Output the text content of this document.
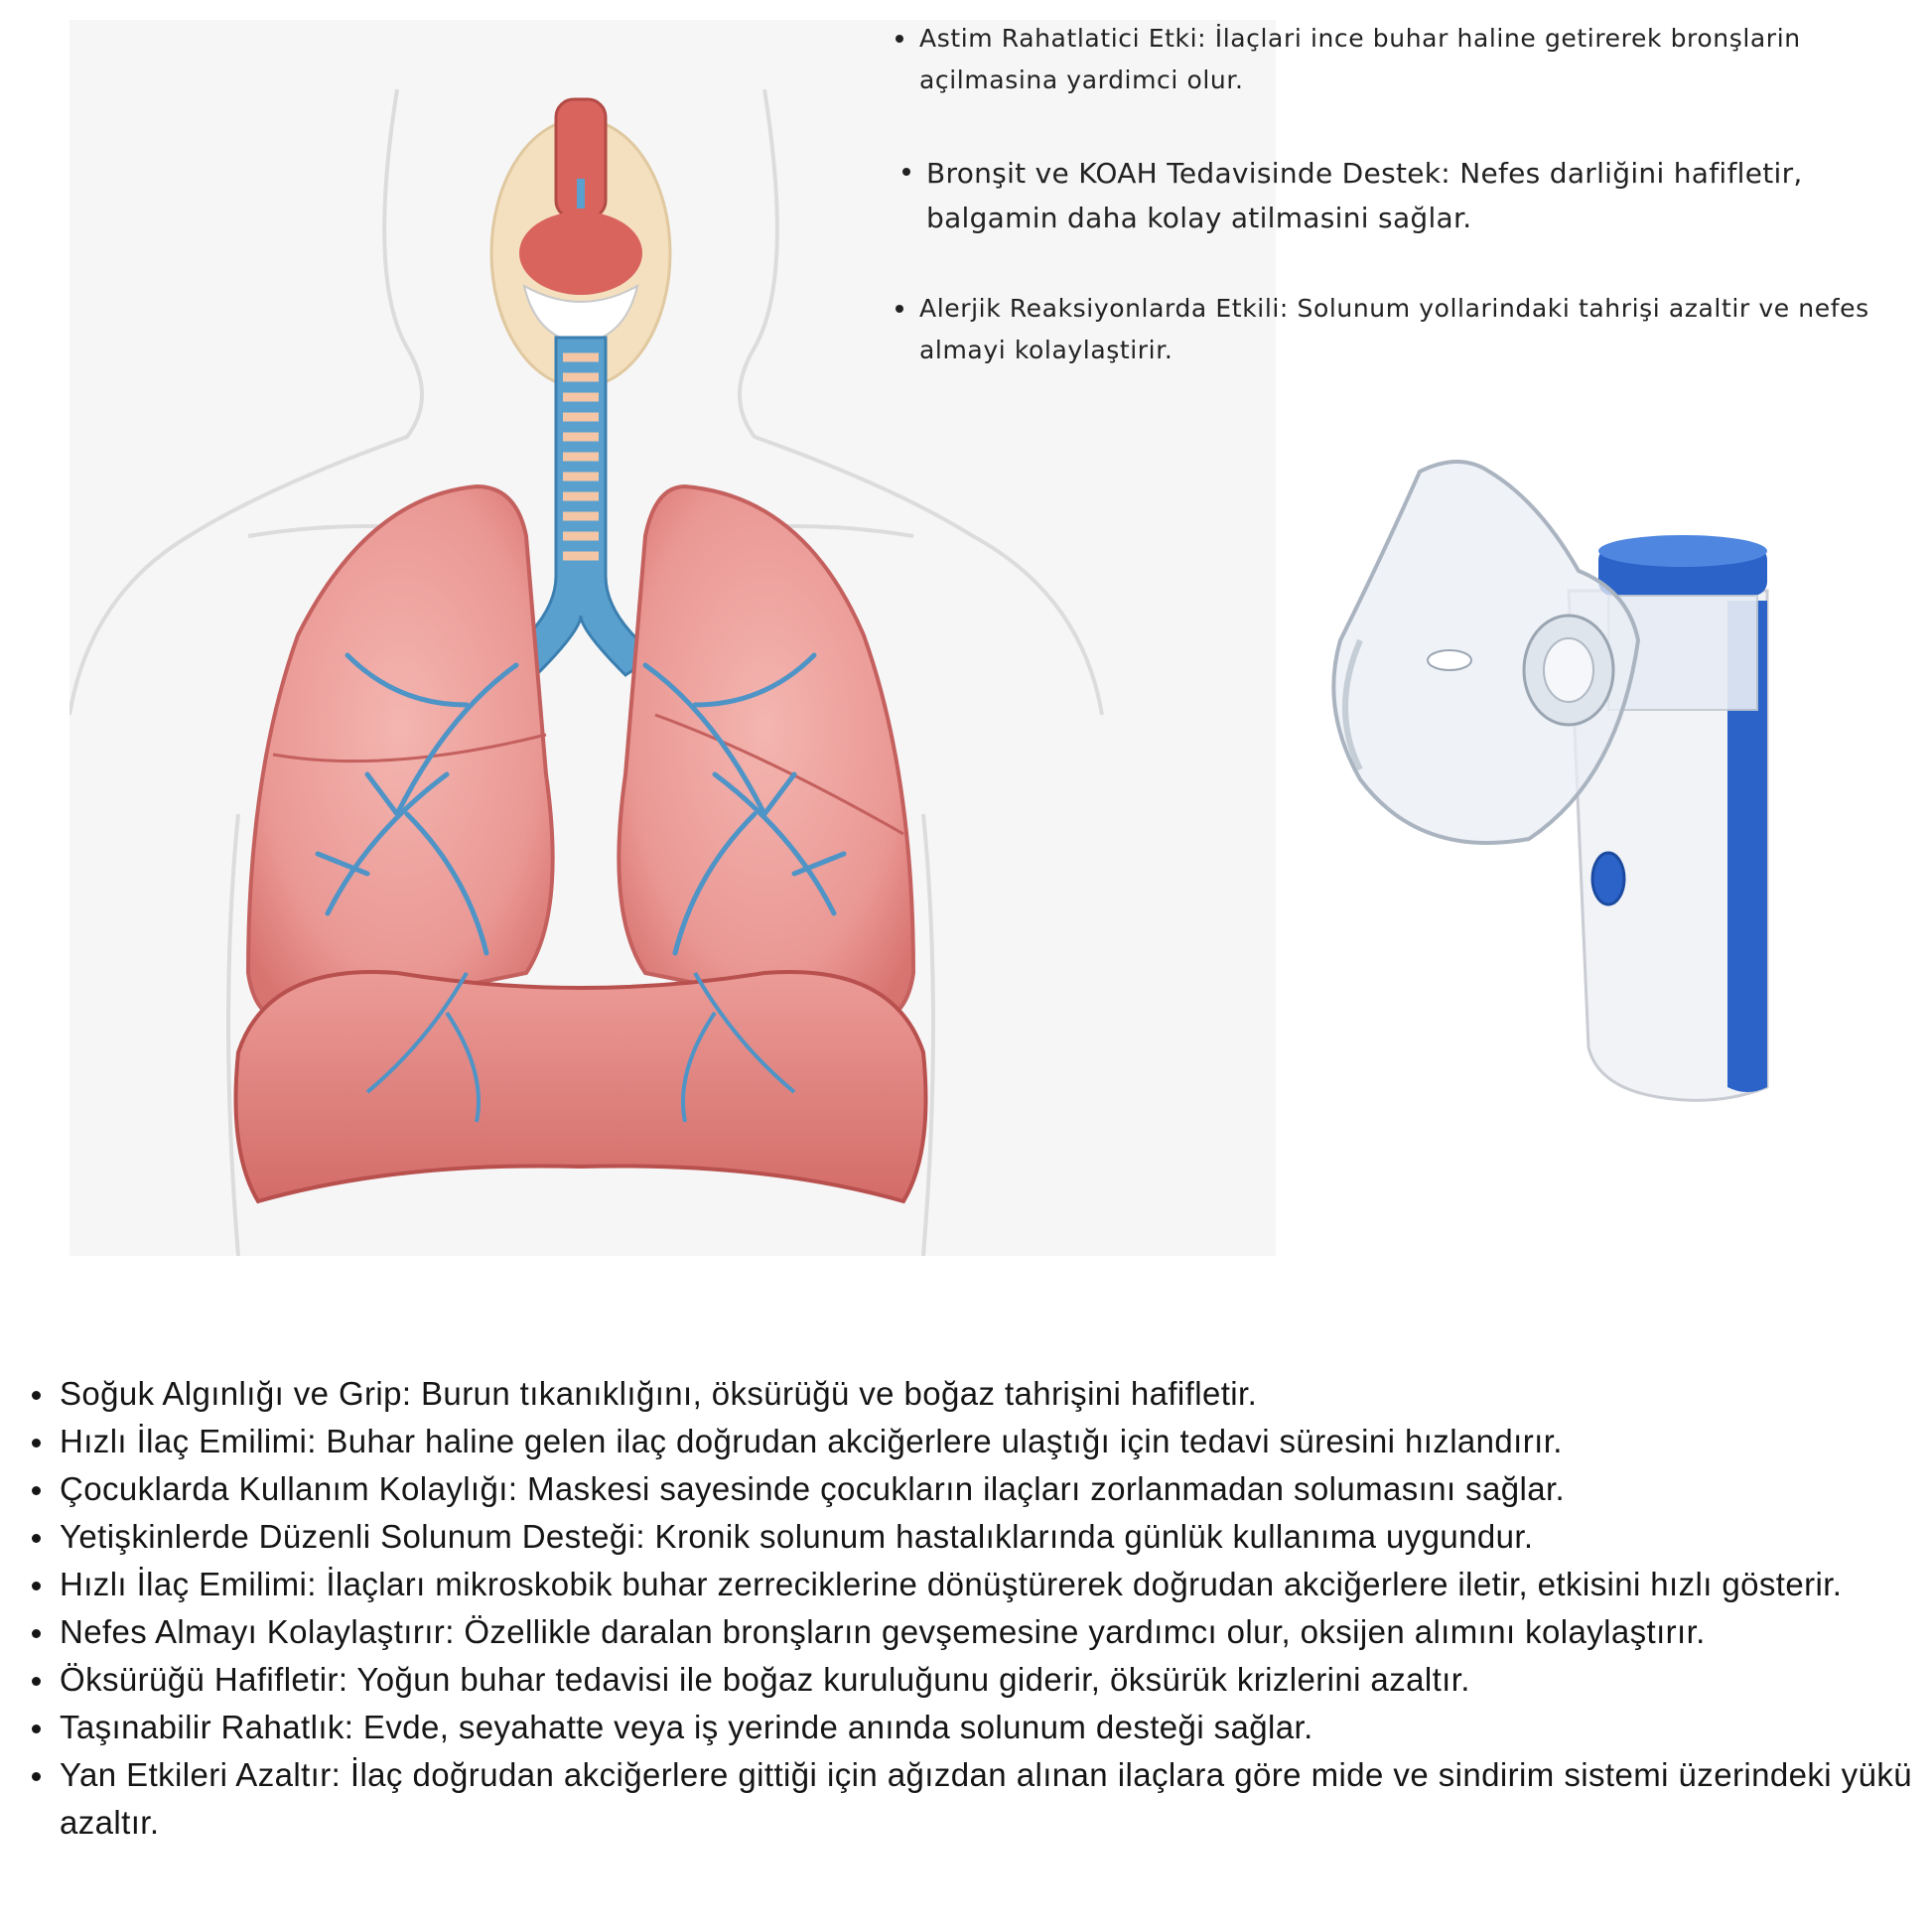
Astim Rahatlatici Etki: İlaçlari ince buhar haline getirerek bronşlarin açilmasina yardimci olur.
Bronşit ve KOAH Tedavisinde Destek: Nefes darliğini hafifletir, balgamin daha kolay atilmasini sağlar.
Alerjik Reaksiyonlarda Etkili: Solunum yollarindaki tahrişi azaltir ve nefes almayi kolaylaştirir.
Soğuk Algınlığı ve Grip: Burun tıkanıklığını, öksürüğü ve boğaz tahrişini hafifletir.
Hızlı İlaç Emilimi: Buhar haline gelen ilaç doğrudan akciğerlere ulaştığı için tedavi süresini hızlandırır.
Çocuklarda Kullanım Kolaylığı: Maskesi sayesinde çocukların ilaçları zorlanmadan solumasını sağlar.
Yetişkinlerde Düzenli Solunum Desteği: Kronik solunum hastalıklarında günlük kullanıma uygundur.
Hızlı İlaç Emilimi: İlaçları mikroskobik buhar zerreciklerine dönüştürerek doğrudan akciğerlere iletir, etkisini hızlı gösterir.
Nefes Almayı Kolaylaştırır: Özellikle daralan bronşların gevşemesine yardımcı olur, oksijen alımını kolaylaştırır.
Öksürüğü Hafifletir: Yoğun buhar tedavisi ile boğaz kuruluğunu giderir, öksürük krizlerini azaltır.
Taşınabilir Rahatlık: Evde, seyahatte veya iş yerinde anında solunum desteği sağlar.
Yan Etkileri Azaltır: İlaç doğrudan akciğerlere gittiği için ağızdan alınan ilaçlara göre mide ve sindirim sistemi üzerindeki yükü azaltır.
